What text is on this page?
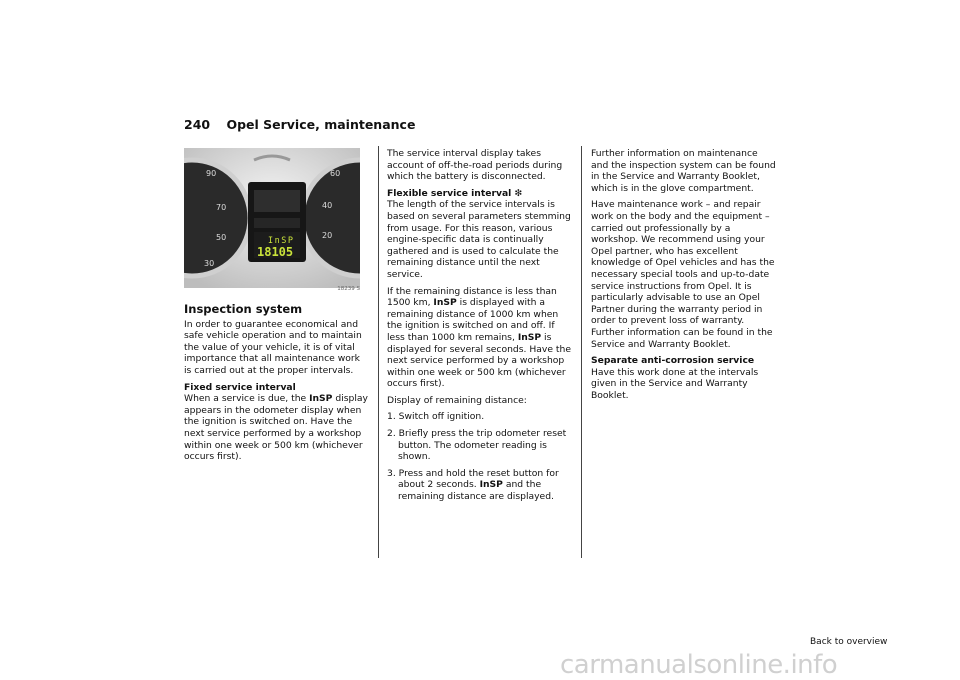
240 Opel Service, maintenance
90
70
50
30
60
40
20
InSP
18105
18239 S
Inspection system

In order to guarantee economical and safe vehicle operation and to maintain the value of your vehicle, it is of vital importance that all maintenance work is carried out at the proper intervals.

Fixed service interval
When a service is due, the InSP display appears in the odometer display when the ignition is switched on. Have the next service performed by a workshop within one week or 500 km (whichever occurs first).

The service interval display takes account of off-the-road periods during which the battery is disconnected.

Flexible service interval ❇
The length of the service intervals is based on several parameters stemming from usage. For this reason, various engine-specific data is continually gathered and is used to calculate the remaining distance until the next service.

If the remaining distance is less than 1500 km, InSP is displayed with a remaining distance of 1000 km when the ignition is switched on and off. If less than 1000 km remains, InSP is displayed for several seconds. Have the next service performed by a workshop within one week or 500 km (whichever occurs first).

Display of remaining distance:

1. Switch off ignition.
2. Briefly press the trip odometer reset button. The odometer reading is shown.
3. Press and hold the reset button for about 2 seconds. InSP and the remaining distance are displayed.

Further information on maintenance and the inspection system can be found in the Service and Warranty Booklet, which is in the glove compartment.

Have maintenance work – and repair work on the body and the equipment – carried out professionally by a workshop. We recommend using your Opel partner, who has excellent knowledge of Opel vehicles and has the necessary special tools and up-to-date service instructions from Opel. It is particularly advisable to use an Opel Partner during the warranty period in order to prevent loss of warranty. Further information can be found in the Service and Warranty Booklet.

Separate anti-corrosion service
Have this work done at the intervals given in the Service and Warranty Booklet.

Back to overview
carmanualsonline.info
